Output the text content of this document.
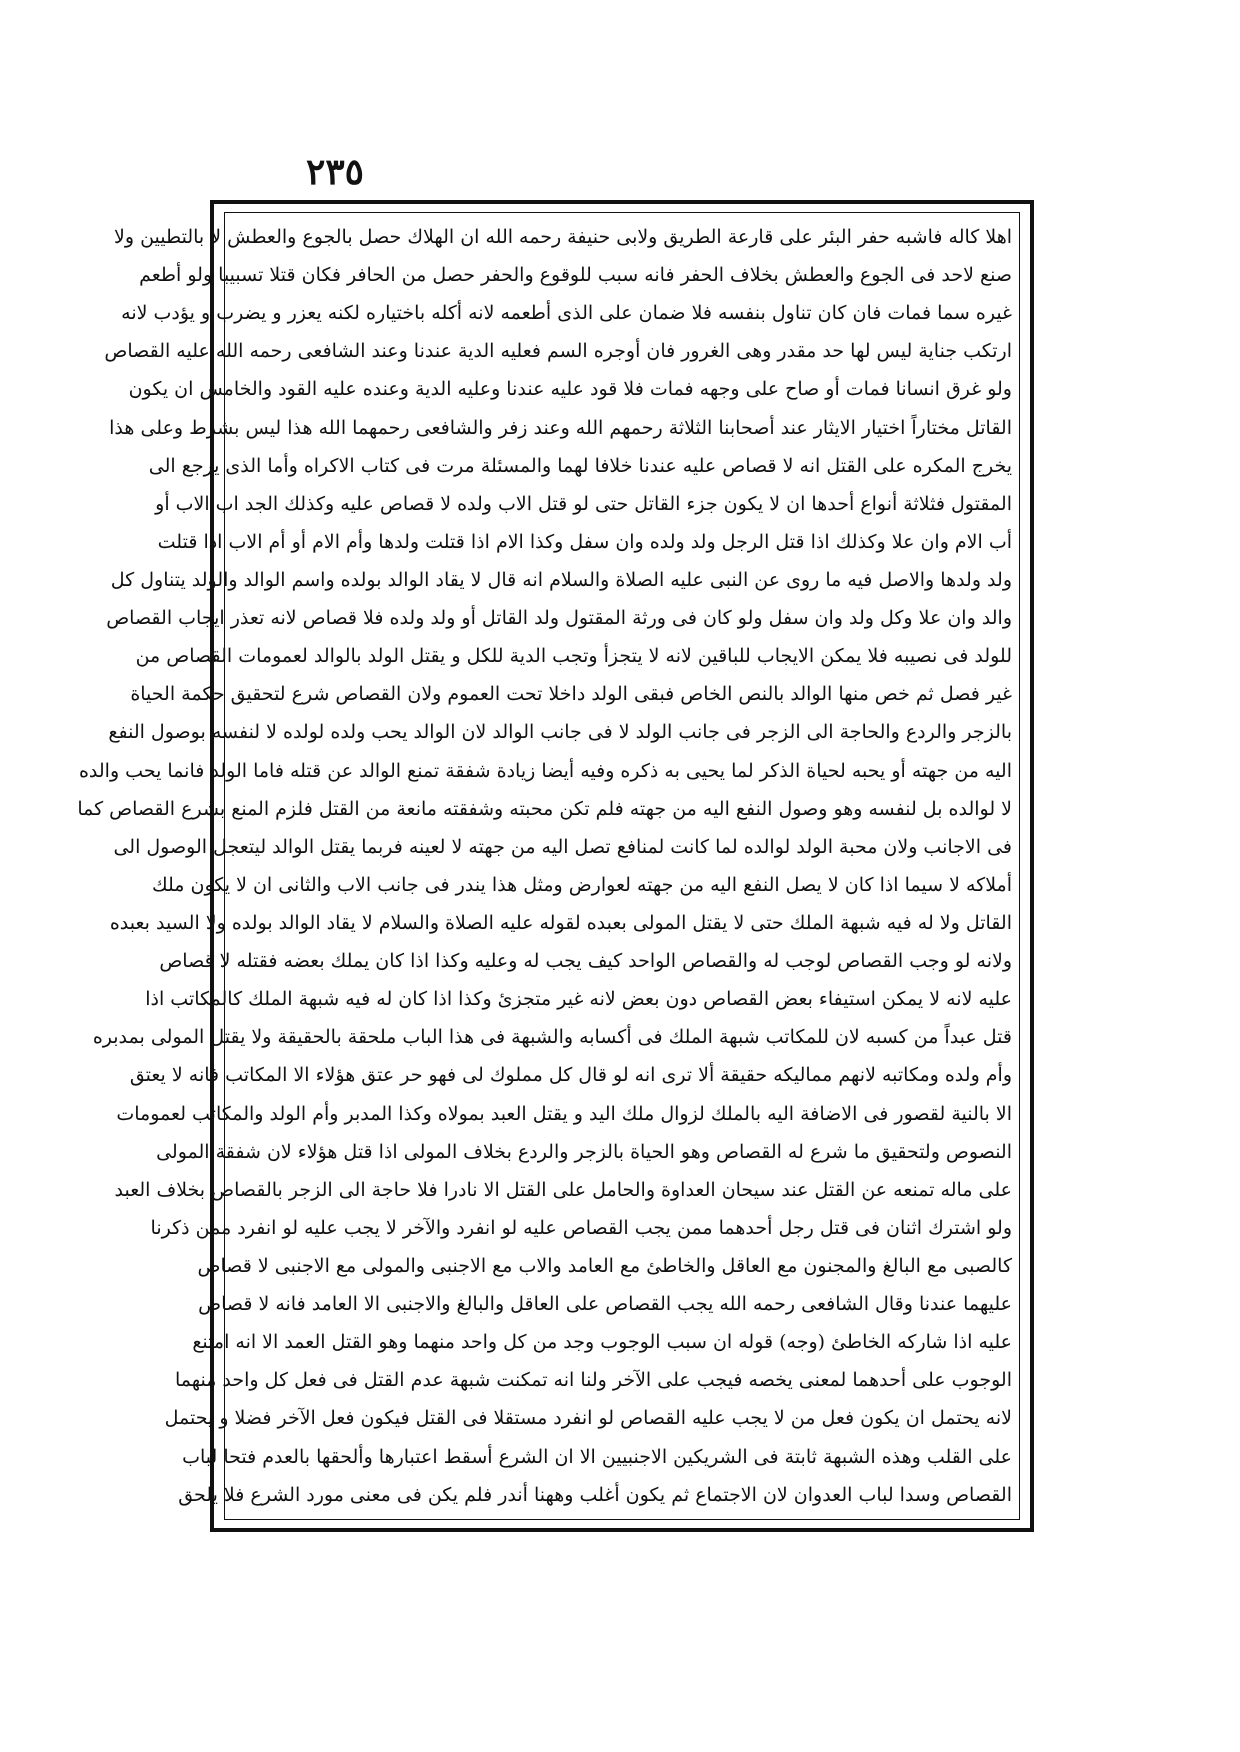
٢٣٥
اهلا كاله فاشبه حفر البئر على قارعة الطريق ولابى حنيفة رحمه الله ان الهلاك حصل بالجوع والعطش لا بالتطيين ولا
صنع لاحد فى الجوع والعطش بخلاف الحفر فانه سبب للوقوع والحفر حصل من الحافر فكان قتلا تسبيبا ولو أطعم
غيره سما فمات فان كان تناول بنفسه فلا ضمان على الذى أطعمه لانه أكله باختياره لكنه يعزر و يضرب و يؤدب لانه
ارتكب جناية ليس لها حد مقدر وهى الغرور فان أوجره السم فعليه الدية عندنا وعند الشافعى رحمه الله عليه القصاص
ولو غرق انسانا فمات أو صاح على وجهه فمات فلا قود عليه عندنا وعليه الدية وعنده عليه القود والخامس ان يكون
القاتل مختاراً اختيار الايثار عند أصحابنا الثلاثة رحمهم الله وعند زفر والشافعى رحمهما الله هذا ليس بشرط وعلى هذا
يخرج المكره على القتل انه لا قصاص عليه عندنا خلافا لهما والمسئلة مرت فى كتاب الاكراه وأما الذى يرجع الى
المقتول فثلاثة أنواع أحدها ان لا يكون جزء القاتل حتى لو قتل الاب ولده لا قصاص عليه وكذلك الجد اب الاب أو
أب الام وان علا وكذلك اذا قتل الرجل ولد ولده وان سفل وكذا الام اذا قتلت ولدها وأم الام أو أم الاب اذا قتلت
ولد ولدها والاصل فيه ما روى عن النبى عليه الصلاة والسلام انه قال لا يقاد الوالد بولده واسم الوالد والولد يتناول كل
والد وان علا وكل ولد وان سفل ولو كان فى ورثة المقتول ولد القاتل أو ولد ولده فلا قصاص لانه تعذر ايجاب القصاص
للولد فى نصيبه فلا يمكن الايجاب للباقين لانه لا يتجزأ وتجب الدية للكل و يقتل الولد بالوالد لعمومات القصاص من
غير فصل ثم خص منها الوالد بالنص الخاص فبقى الولد داخلا تحت العموم ولان القصاص شرع لتحقيق حكمة الحياة
بالزجر والردع والحاجة الى الزجر فى جانب الولد لا فى جانب الوالد لان الوالد يحب ولده لولده لا لنفسه بوصول النفع
اليه من جهته أو يحبه لحياة الذكر لما يحيى به ذكره وفيه أيضا زيادة شفقة تمنع الوالد عن قتله فاما الولد فانما يحب والده
لا لوالده بل لنفسه وهو وصول النفع اليه من جهته فلم تكن محبته وشفقته مانعة من القتل فلزم المنع بشرع القصاص كما
فى الاجانب ولان محبة الولد لوالده لما كانت لمنافع تصل اليه من جهته لا لعينه فربما يقتل الوالد ليتعجل الوصول الى
أملاكه لا سيما اذا كان لا يصل النفع اليه من جهته لعوارض ومثل هذا يندر فى جانب الاب والثانى ان لا يكون ملك
القاتل ولا له فيه شبهة الملك حتى لا يقتل المولى بعبده لقوله عليه الصلاة والسلام لا يقاد الوالد بولده ولا السيد بعبده
ولانه لو وجب القصاص لوجب له والقصاص الواحد كيف يجب له وعليه وكذا اذا كان يملك بعضه فقتله لا قصاص
عليه لانه لا يمكن استيفاء بعض القصاص دون بعض لانه غير متجزئ وكذا اذا كان له فيه شبهة الملك كالمكاتب اذا
قتل عبداً من كسبه لان للمكاتب شبهة الملك فى أكسابه والشبهة فى هذا الباب ملحقة بالحقيقة ولا يقتل المولى بمدبره
وأم ولده ومكاتبه لانهم مماليكه حقيقة ألا ترى انه لو قال كل مملوك لى فهو حر عتق هؤلاء الا المكاتب فانه لا يعتق
الا بالنية لقصور فى الاضافة اليه بالملك لزوال ملك اليد و يقتل العبد بمولاه وكذا المدبر وأم الولد والمكاتب لعمومات
النصوص ولتحقيق ما شرع له القصاص وهو الحياة بالزجر والردع بخلاف المولى اذا قتل هؤلاء لان شفقة المولى
على ماله تمنعه عن القتل عند سيحان العداوة والحامل على القتل الا نادرا فلا حاجة الى الزجر بالقصاص بخلاف العبد
ولو اشترك اثنان فى قتل رجل أحدهما ممن يجب القصاص عليه لو انفرد والآخر لا يجب عليه لو انفرد ممن ذكرنا
كالصبى مع البالغ والمجنون مع العاقل والخاطئ مع العامد والاب مع الاجنبى والمولى مع الاجنبى لا قصاص
عليهما عندنا وقال الشافعى رحمه الله يجب القصاص على العاقل والبالغ والاجنبى الا العامد فانه لا قصاص
عليه اذا شاركه الخاطئ (وجه) قوله ان سبب الوجوب وجد من كل واحد منهما وهو القتل العمد الا انه امتنع
الوجوب على أحدهما لمعنى يخصه فيجب على الآخر ولنا انه تمكنت شبهة عدم القتل فى فعل كل واحد منهما
لانه يحتمل ان يكون فعل من لا يجب عليه القصاص لو انفرد مستقلا فى القتل فيكون فعل الآخر فضلا و يحتمل
على القلب وهذه الشبهة ثابتة فى الشريكين الاجنبيين الا ان الشرع أسقط اعتبارها وألحقها بالعدم فتحا لباب
القصاص وسدا لباب العدوان لان الاجتماع ثم يكون أغلب وههنا أندر فلم يكن فى معنى مورد الشرع فلا يلحق
